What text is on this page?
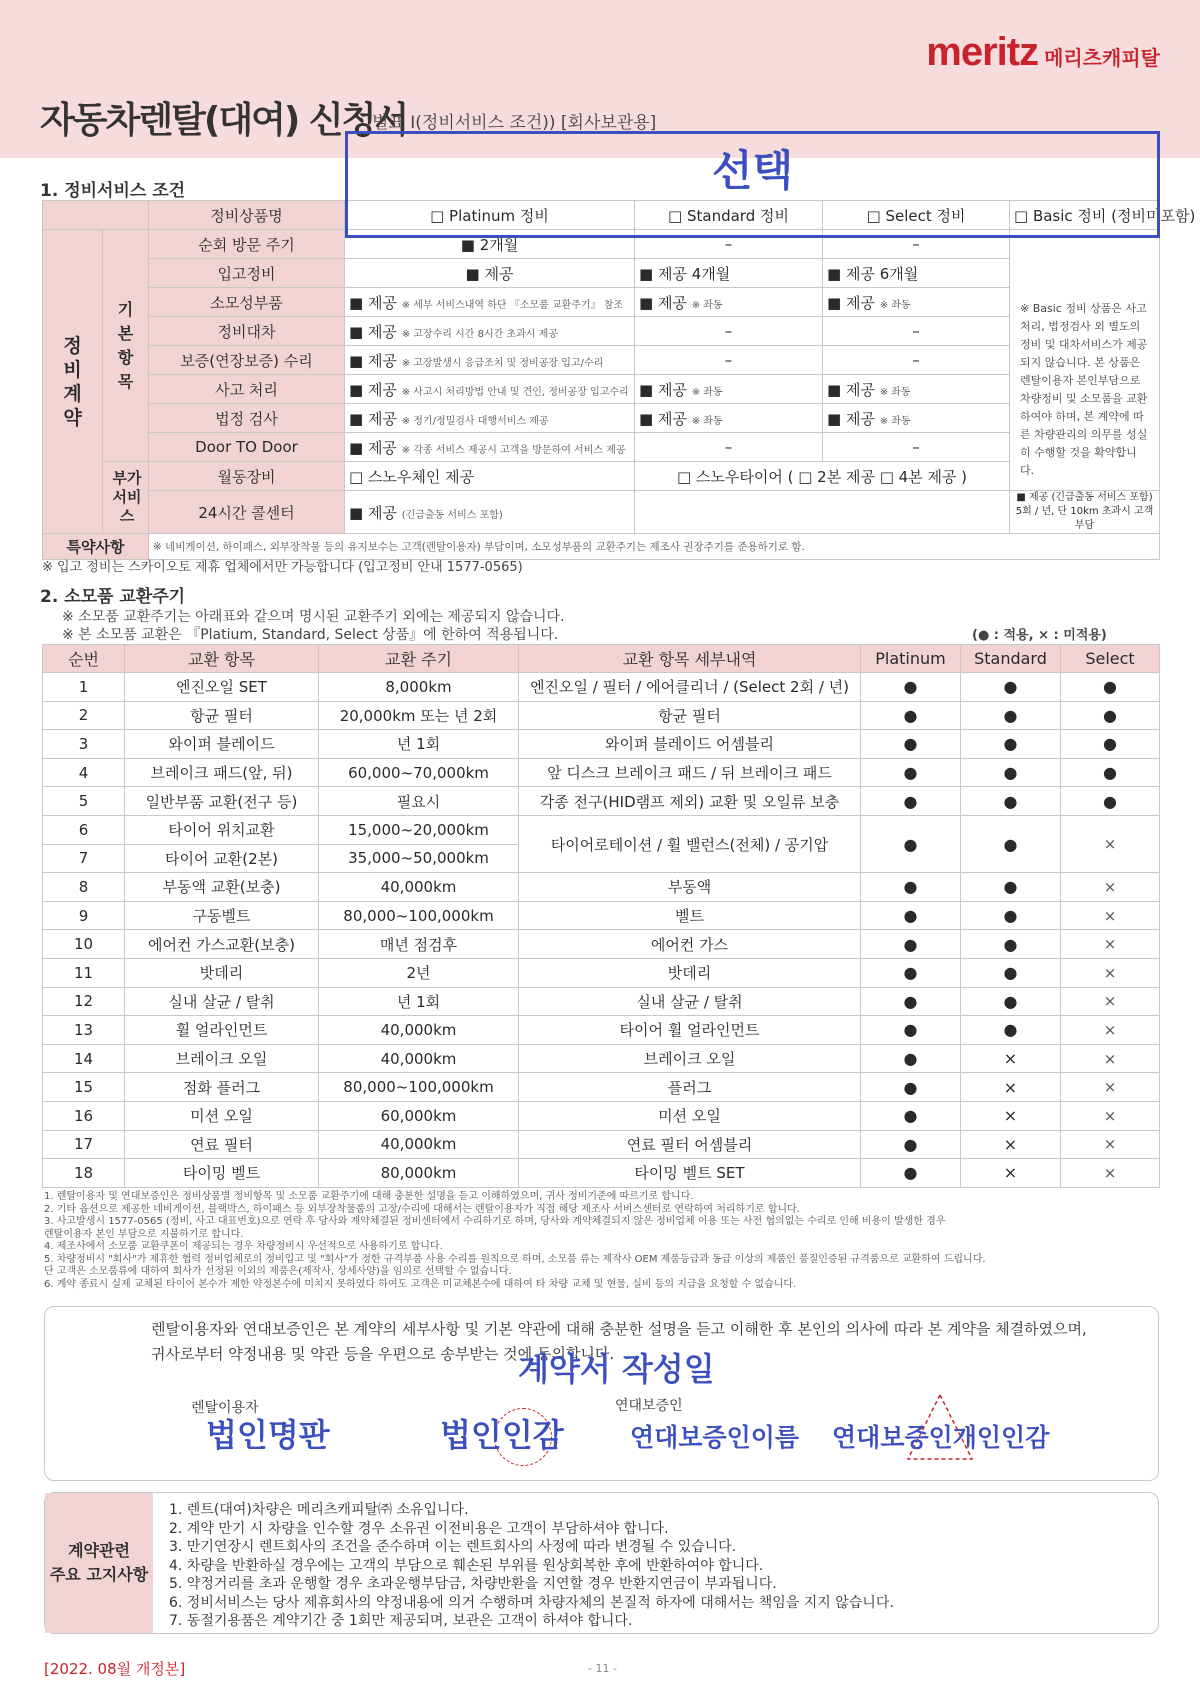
meritz 메리츠캐피탈
자동차렌탈(대여) 신청서
별표 Ⅰ(정비서비스 조건)) [회사보관용]
1. 정비서비스 조건
		정비상품명	□ Platinum 정비	□ Standard 정비	□ Select 정비	□ Basic 정비 (정비미포함)
정비계약	기본항목	순회 방문 주기	■ 2개월	–	–	※ Basic 정비 상품은 사고처리, 법정검사 외 별도의 정비 및 대차서비스가 제공되지 않습니다. 본 상품은 렌탈이용자 본인부담으로 차량정비 및 소모품을 교환하여야 하며, 본 계약에 따른 차량관리의 의무를 성실히 수행할 것을 확약합니다.

		입고정비	■ 제공	■ 제공 4개월	■ 제공 6개월	
		소모성부품	■ 제공 ※ 세부 서비스내역 하단 『소모품 교환주기』 참조	■ 제공 ※ 좌동	■ 제공 ※ 좌동	
		정비대차	■ 제공 ※ 고장수리 시간 8시간 초과시 제공	–	–	
		보증(연장보증) 수리	■ 제공 ※ 고장발생시 응급조치 및 정비공장 입고/수리	–	–	
		사고 처리	■ 제공 ※ 사고시 처리방법 안내 및 견인, 정비공장 입고수리	■ 제공 ※ 좌동	■ 제공 ※ 좌동	
		법정 검사	■ 제공 ※ 정기/정밀검사 대행서비스 제공	■ 제공 ※ 좌동	■ 제공 ※ 좌동	
		Door TO Door	■ 제공 ※ 각종 서비스 제공시 고객을 방문하여 서비스 제공	–	–	
	부가서비스	월동장비	□ 스노우체인 제공	□ 스노우타이어 ( □ 2본 제공 □ 4본 제공 )		
		24시간 콜센터	■ 제공 (긴급출동 서비스 포함)			■ 제공 (긴급출동 서비스 포함)
5회 / 년, 단 10km 초과시 고객부담

특약사항		※ 네비게이션, 하이패스, 외부장착물 등의 유지보수는 고객(렌탈이용자) 부담이며, 소모성부품의 교환주기는 제조사 권장주기를 준용하기로 함.				
선택
※ 입고 정비는 스카이오토 제휴 업체에서만 가능합니다 (입고정비 안내 1577-0565)
2. 소모품 교환주기
※ 소모품 교환주기는 아래표와 같으며 명시된 교환주기 외에는 제공되지 않습니다.
※ 본 소모품 교환은 『Platium, Standard, Select 상품』에 한하여 적용됩니다.	(● : 적용, × : 미적용)
순번	교환 항목	교환 주기	교환 항목 세부내역	Platinum	Standard	Select
1	엔진오일 SET	8,000km	엔진오일 / 필터 / 에어클리너 / (Select 2회 / 년)	●	●	●
2	항균 필터	20,000km 또는 년 2회	항균 필터	●	●	●
3	와이퍼 블레이드	년 1회	와이퍼 블레이드 어셈블리	●	●	●
4	브레이크 패드(앞, 뒤)	60,000~70,000km	앞 디스크 브레이크 패드 / 뒤 브레이크 패드	●	●	●
5	일반부품 교환(전구 등)	필요시	각종 전구(HID램프 제외) 교환 및 오일류 보충	●	●	●
6	타이어 위치교환	15,000~20,000km	타이어로테이션 / 휠 밸런스(전체) / 공기압	●	●	×
7	타이어 교환(2본)	35,000~50,000km				
8	부동액 교환(보충)	40,000km	부동액	●	●	×
9	구동벨트	80,000~100,000km	벨트	●	●	×
10	에어컨 가스교환(보충)	매년 점검후	에어컨 가스	●	●	×
11	밧데리	2년	밧데리	●	●	×
12	실내 살균 / 탈취	년 1회	실내 살균 / 탈취	●	●	×
13	휠 얼라인먼트	40,000km	타이어 휠 얼라인먼트	●	●	×
14	브레이크 오일	40,000km	브레이크 오일	●	×	×
15	점화 플러그	80,000~100,000km	플러그	●	×	×
16	미션 오일	60,000km	미션 오일	●	×	×
17	연료 필터	40,000km	연료 필터 어셈블리	●	×	×
18	타이밍 벨트	80,000km	타이밍 벨트 SET	●	×	×
1. 렌탈이용자 및 연대보증인은 정비상품별 정비항목 및 소모품 교환주기에 대해 충분한 설명을 듣고 이해하였으며, 귀사 정비기준에 따르기로 합니다.
2. 기타 옵션으로 제공한 네비게이션, 블랙박스, 하이패스 등 외부장착물품의 고장/수리에 대해서는 렌탈이용자가 직접 해당 제조사 서비스센터로 연락하여 처리하기로 합니다.
3. 사고발생시 1577-0565 (정비, 사고 대표번호)으로 연락 후 당사와 계약체결된 정비센터에서 수리하기로 하며, 당사와 계약체결되지 않은 정비업체 이용 또는 사전 협의없는 수리로 인해 비용이 발생한 경우
렌탈이용자 본인 부담으로 지불하기로 합니다.
4. 제조사에서 소모품 교환쿠폰이 제공되는 경우 차량정비시 우선적으로 사용하기로 합니다.
5. 차량정비시 "회사"가 제휴한 협력 정비업체로의 정비입고 및 "회사"가 정한 규격부품 사용 수리를 원칙으로 하며, 소모품 류는 제작사 OEM 제품등급과 동급 이상의 제품인 품질인증된 규격품으로 교환하여 드립니다.
단 고객은 소모품류에 대하여 회사가 선정된 이외의 제품은(제작사, 상세사양)을 임의로 선택할 수 없습니다.
6. 계약 종료시 실제 교체된 타이어 본수가 제한 약정본수에 미치지 못하였다 하여도 고객은 미교체본수에 대하여 타 차량 교체 및 현물, 실비 등의 지급을 요청할 수 없습니다.
렌탈이용자와 연대보증인은 본 계약의 세부사항 및 기본 약관에 대해 충분한 설명을 듣고 이해한 후 본인의 의사에 따라 본 계약을 체결하였으며,
귀사로부터 약정내용 및 약관 등을 우편으로 송부받는 것에 동의합니다.
렌탈이용자	연대보증인
계약서 작성일
법인명판	법인인감	연대보증인이름 연대보증인개인인감
계약관련
주요 고지사항
1. 렌트(대여)차량은 메리츠캐피탈㈜ 소유입니다.
2. 계약 만기 시 차량을 인수할 경우 소유권 이전비용은 고객이 부담하셔야 합니다.
3. 만기연장시 렌트회사의 조건을 준수하며 이는 렌트회사의 사정에 따라 변경될 수 있습니다.
4. 차량을 반환하실 경우에는 고객의 부담으로 훼손된 부위를 원상회복한 후에 반환하여야 합니다.
5. 약정거리를 초과 운행할 경우 초과운행부담금, 차량반환을 지연할 경우 반환지연금이 부과됩니다.
6. 정비서비스는 당사 제휴회사의 약정내용에 의거 수행하며 차량자체의 본질적 하자에 대해서는 책임을 지지 않습니다.
7. 동절기용품은 계약기간 중 1회만 제공되며, 보관은 고객이 하셔야 합니다.
[2022. 08월 개정본]	- 11 -
